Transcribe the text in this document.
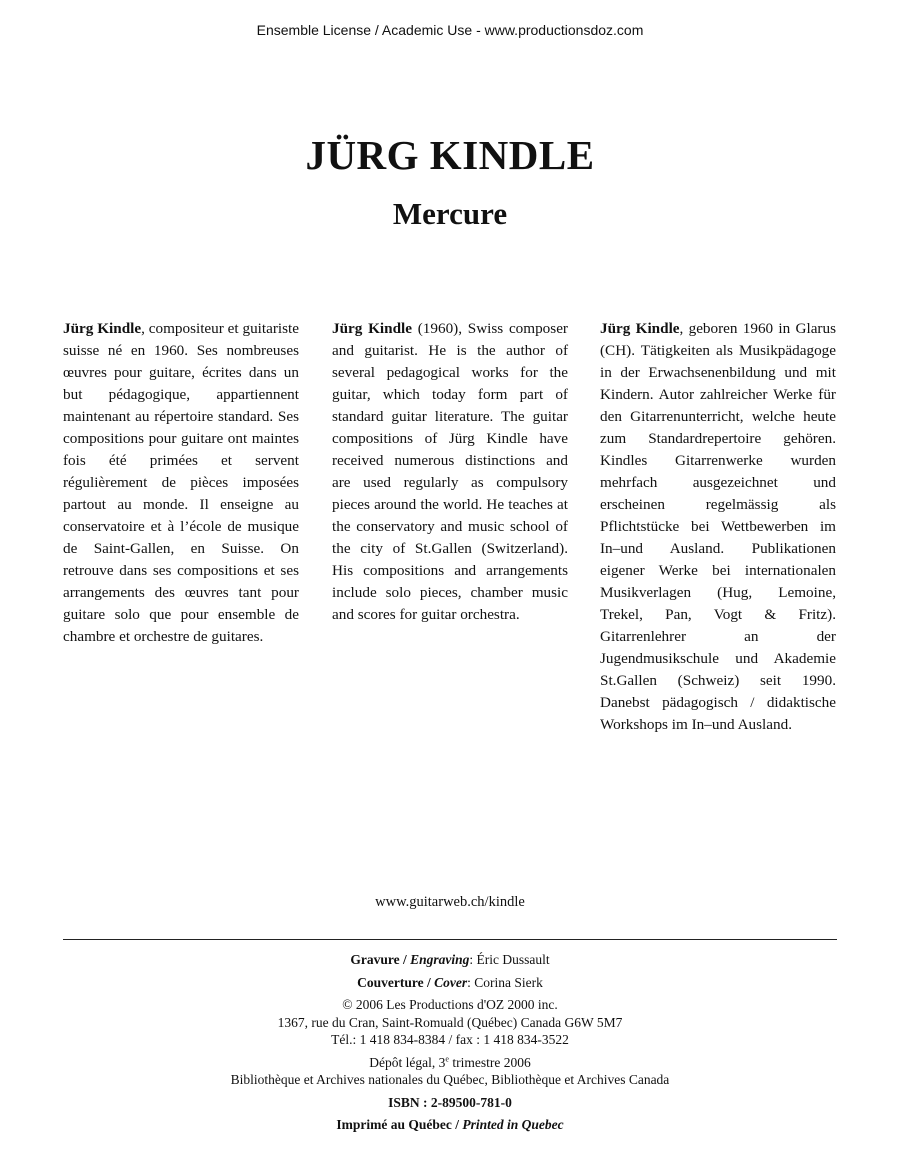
Ensemble License / Academic Use - www.productionsdoz.com
JÜRG KINDLE
Mercure

Jürg Kindle, compositeur et guitariste suisse né en 1960. Ses nombreuses œuvres pour guitare, écrites dans un but pédagogique, appartiennent maintenant au répertoire standard. Ses compositions pour guitare ont maintes fois été primées et servent régulièrement de pièces imposées partout au monde. Il enseigne au conservatoire et à l’école de musique de Saint-Gallen, en Suisse. On retrouve dans ses compositions et ses arrangements des œuvres tant pour guitare solo que pour ensemble de chambre et orchestre de guitares.

Jürg Kindle (1960), Swiss composer and guitarist. He is the author of several pedagogical works for the guitar, which today form part of standard guitar literature. The guitar compositions of Jürg Kindle have received numerous distinctions and are used regularly as compulsory pieces around the world. He teaches at the conservatory and music school of the city of St.Gallen (Switzerland). His compositions and arrangements include solo pieces, chamber music and scores for guitar orchestra.

Jürg Kindle, geboren 1960 in Glarus (CH). Tätigkeiten als Musikpädagoge in der Erwachsenenbildung und mit Kindern. Autor zahlreicher Werke für den Gitarrenunterricht, welche heute zum Standardrepertoire gehören. Kindles Gitarrenwerke wurden mehrfach ausgezeichnet und erscheinen regelmässig als Pflichtstücke bei Wettbewerben im In–und Ausland. Publikationen eigener Werke bei internationalen Musikverlagen (Hug, Lemoine, Trekel, Pan, Vogt & Fritz). Gitarrenlehrer an der Jugendmusikschule und Akademie St.Gallen (Schweiz) seit 1990. Danebst pädagogisch / didaktische Workshops im In–und Ausland.

www.guitarweb.ch/kindle
Gravure / Engraving: Éric Dussault
Couverture / Cover: Corina Sierk
© 2006 Les Productions d'OZ 2000 inc.
1367, rue du Cran, Saint-Romuald (Québec) Canada G6W 5M7
Tél.: 1 418 834-8384 / fax : 1 418 834-3522
Dépôt légal, 3e trimestre 2006
Bibliothèque et Archives nationales du Québec, Bibliothèque et Archives Canada
ISBN : 2-89500-781-0
Imprimé au Québec / Printed in Quebec
